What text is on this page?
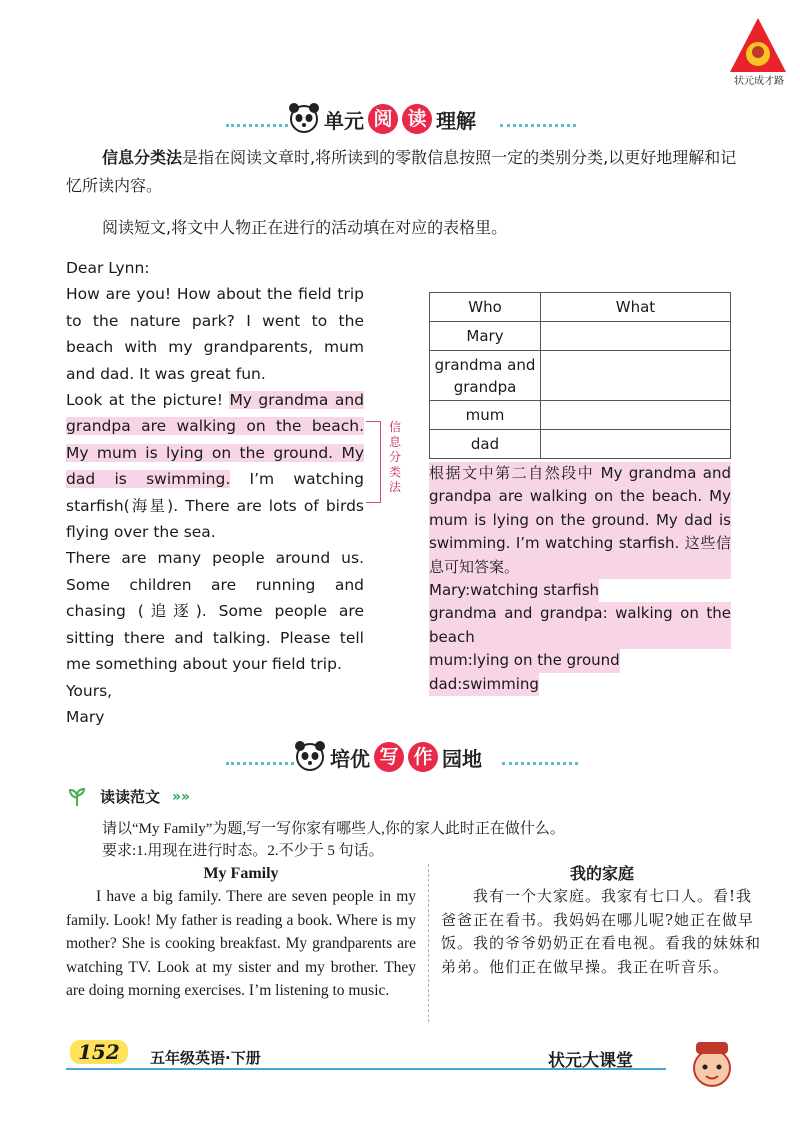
状元成才路
单元 阅 读 理解
信息分类法是指在阅读文章时,将所读到的零散信息按照一定的类别分类,以更好地理解和记忆所读内容。
阅读短文,将文中人物正在进行的活动填在对应的表格里。

Dear Lynn:

How are you! How about the field trip to the nature park? I went to the beach with my grandparents, mum and dad. It was great fun.

Look at the picture! My grandma and grandpa are walking on the beach. My mum is lying on the ground. My dad is swimming. I’m watching starfish(海星). There are lots of birds flying over the sea.

There are many people around us. Some children are running and chasing (追逐). Some people are sitting there and talking. Please tell me something about your field trip.

Yours,

Mary

信息分类法
Who	What
Mary	
grandma and grandpa	
mum	
dad	

根据文中第二自然段中 My grandma and grandpa are walking on the beach. My mum is lying on the ground. My dad is swimming. I’m watching starfish. 这些信息可知答案。

Mary:watching starfish

grandma and grandpa: walking on the beach

mum:lying on the ground

dad:swimming

培优 写 作 园地
读读范文 »»
请以“My Family”为题,写一写你家有哪些人,你的家人此时正在做什么。
要求:1.用现在进行时态。2.不少于 5 句话。
My Family
I have a big family. There are seven people in my family. Look! My father is reading a book. Where is my mother? She is cooking breakfast. My grandparents are watching TV. Look at my sister and my brother. They are doing morning exercises. I’m listening to music.
我的家庭
我有一个大家庭。我家有七口人。看!我爸爸正在看书。我妈妈在哪儿呢?她正在做早饭。我的爷爷奶奶正在看电视。看我的妹妹和弟弟。他们正在做早操。我正在听音乐。
152	五年级英语·下册	状元大课堂
